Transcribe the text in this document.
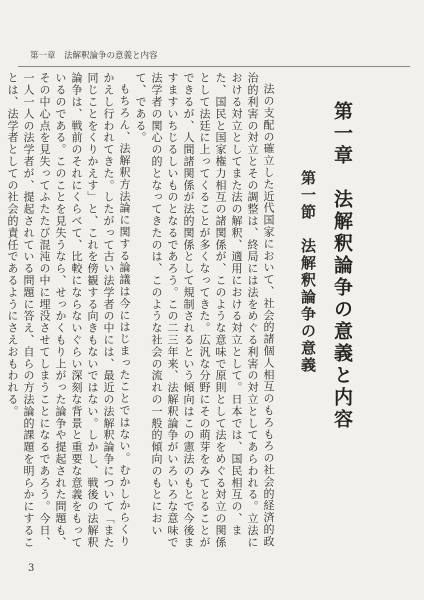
第一章　法解釈論争の意義と内容
第一章　法解釈論争の意義と内容
第一節　法解釈論争の意義

法の支配の確立した近代国家において、社会的諸個人相互のもろもろの社会的経済的政治的利害の対立とその調整は、終局には法をめぐる利害の対立としてあらわれる。立法における対立としてまた法の解釈、適用における対立として。日本では、国民相互の、また、国民と国家権力相互の諸関係が、このような意味で原則として法をめぐる対立の関係として法廷に上ってくることが多くなってきた。広汎な分野にその萌芽をみてとることができるが、人間諸関係が法的関係として規制されるという傾向はこの憲法のもとで今後ますますいちじるしいものとなるであろう。この二三年来、法解釈論争がいろいろな意味で法学者の関心の的となってきたのは、このような社会の流れの一般的傾向のもとにおいて、である。

もちろん、法解釈方法論に関する論議は今にはじまったことではない。むかしからくりかえし行われてきた。したがって古い法学者の中には、最近の法解釈論争について「また同じことをくりかえす」と、これを傍観する向きもないではない。しかし、戦後の法解釈論争は、戦前のそれにくらべて、比較にならないぐらい深刻な背景と重要な意義をもっているのである。このことを見失うなら、せっかくもり上がった論争や提起された問題も、その中心点を見失ってふたたび混沌の中に埋没させてしまうことになるであろう。今日、一人一人の法学者が、提起されている問題に答え、自らの方法論的課題を明らかにすることは、法学者としての社会的責任であるようにさえおもわれる。

3
